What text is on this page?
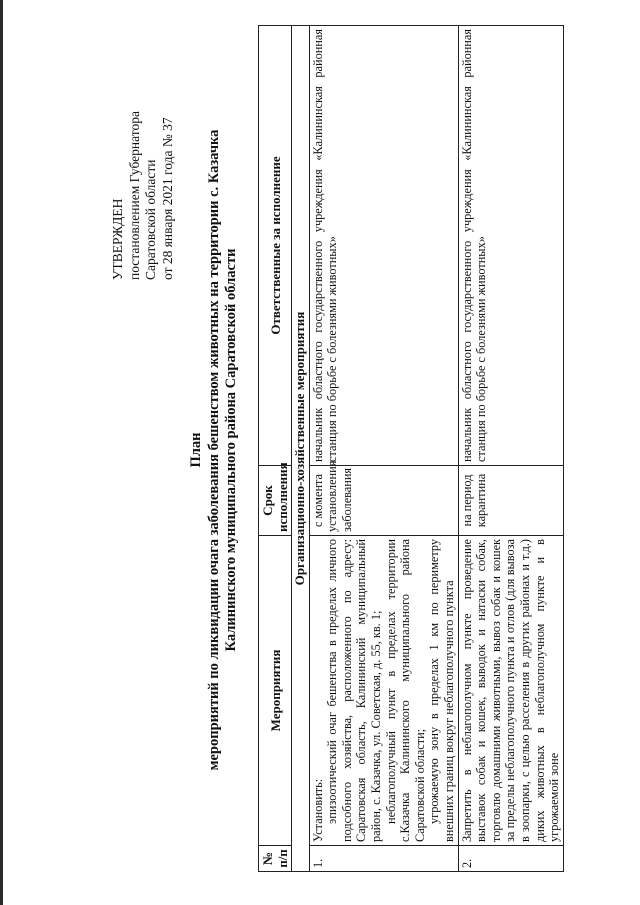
УТВЕРЖДЕН постановлением Губернатора Саратовской области от 28 января 2021 года № 37
План мероприятий по ликвидации очага заболевания бешенством животных на территории с. Казачка Калининского муниципального района Саратовской области
№ п/п	Мероприятия	Срок исполнения	Ответственные за исполнение
Организационно-хозяйственные мероприятия			
1.	Установить: эпизоотический очаг бешенства в пределах личного подсобного хозяйства, расположенного по адресу: Саратовская область, Калининский муниципальный район, с. Казачка, ул. Советская, д. 55, кв. 1; неблагополучный пункт в пределах территории с.Казачка Калининского муниципального района Саратовской области; угрожаемую зону в пределах 1 км по периметру внешних границ вокруг неблагополучного пункта	с момента установления заболевания	начальник областного государственного учреждения «Калининская районная станция по борьбе с болезнями животных»
2.	Запретить в неблагополучном пункте проведение выставок собак и кошек, выводок и натаски собак, торговлю домашними животными, вывоз собак и кошек за пределы неблагополучного пункта и отлов (для вывоза в зоопарки, с целью расселения в других районах и т.д.) диких животных в неблагополучном пункте и в угрожаемой зоне	на период карантина	начальник областного государственного учреждения «Калининская районная станция по борьбе с болезнями животных»
